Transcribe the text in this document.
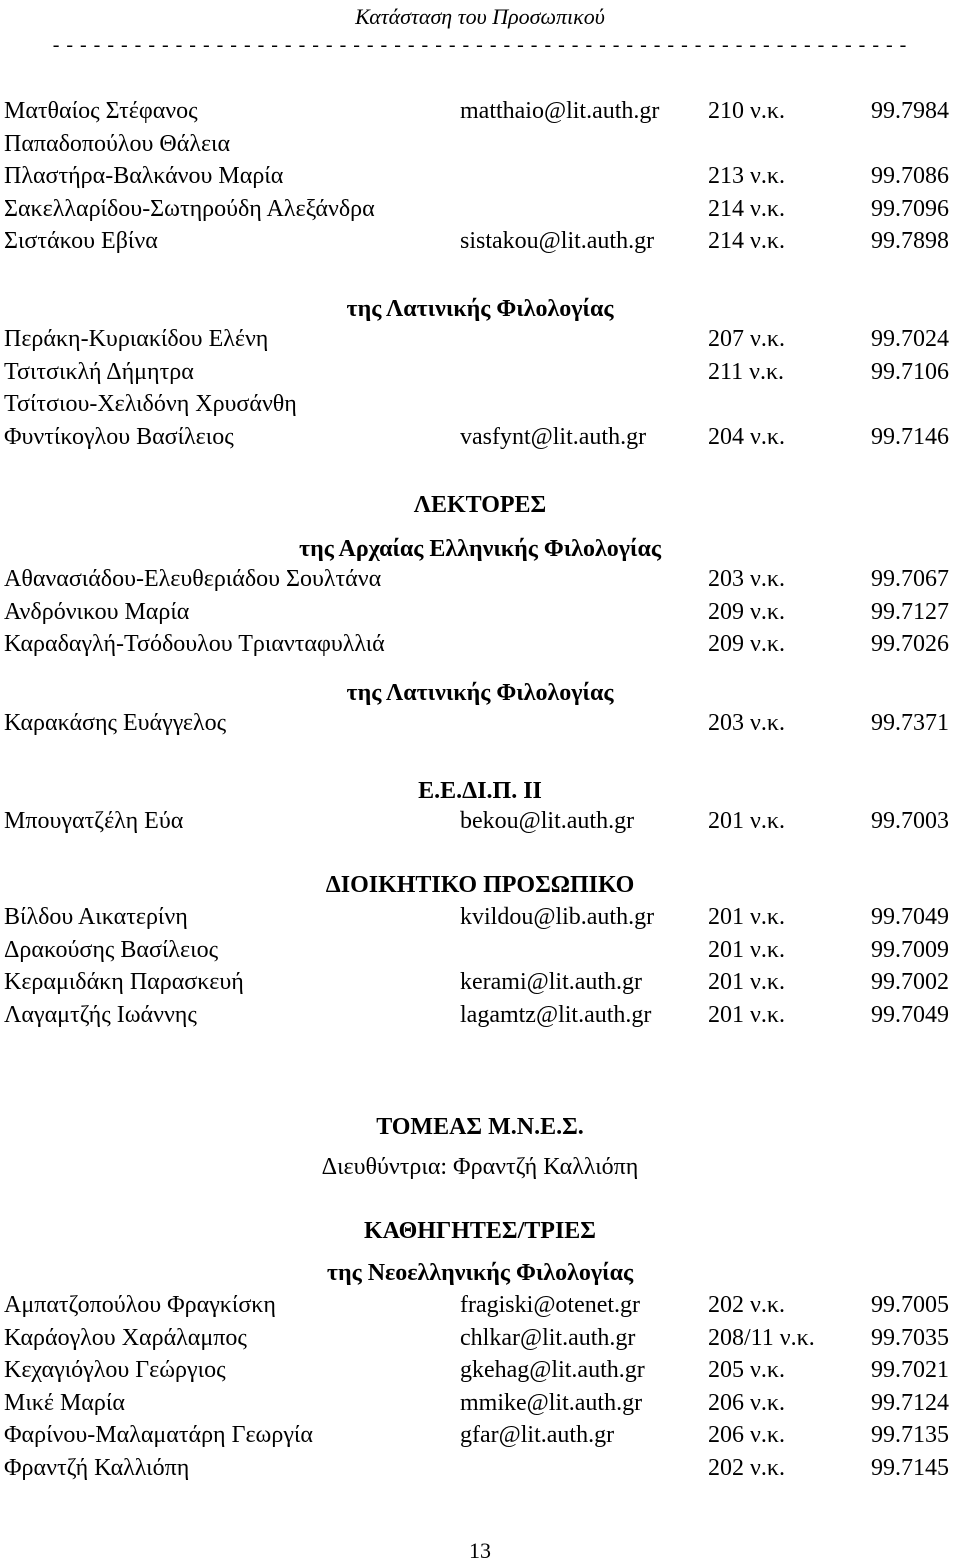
Κατάσταση του Προσωπικού
- - - - - - - - - - - - - - - - - - - - - - - - - - - - - - - - - - - - - - - - - - - - - - - - - - - - - - - - - - - - - - -
της Λατινικής Φιλολογίας
ΛΕΚΤΟΡΕΣ
της Αρχαίας Ελληνικής Φιλολογίας
της Λατινικής Φιλολογίας
Ε.Ε.ΔΙ.Π. ΙΙ
ΔΙΟΙΚΗΤΙΚΟ ΠΡΟΣΩΠΙΚΟ
ΤΟΜΕΑΣ Μ.Ν.Ε.Σ.
Διευθύντρια: Φραντζή Καλλιόπη
ΚΑΘΗΓΗΤΕΣ/ΤΡΙΕΣ
της Νεοελληνικής Φιλολογίας
13
Ματθαίος Στέφανος	matthaio@lit.auth.gr 210 ν.κ.	99.7984
Παπαδοπούλου Θάλεια
Πλαστήρα-Βαλκάνου Μαρία	213 ν.κ.	99.7086
Σακελλαρίδου-Σωτηρούδη Αλεξάνδρα	214 ν.κ.	99.7096
Σιστάκου Εβίνα	sistakou@lit.auth.gr 214 ν.κ.	99.7898
Περάκη-Κυριακίδου Ελένη	207 ν.κ.	99.7024
Τσιτσικλή Δήμητρα	211 ν.κ.	99.7106
Τσίτσιου-Χελιδόνη Χρυσάνθη
Φυντίκογλου Βασίλειος	vasfynt@lit.auth.gr	204 ν.κ.	99.7146
Αθανασιάδου-Ελευθεριάδου Σουλτάνα	203 ν.κ.	99.7067
Ανδρόνικου Μαρία	209 ν.κ.	99.7127
Καραδαγλή-Τσόδουλου Τριανταφυλλιά	209 ν.κ.	99.7026
Καρακάσης Ευάγγελος	203 ν.κ.	99.7371
Μπουγατζέλη Εύα	bekou@lit.auth.gr	201 ν.κ.	99.7003
Βίλδου Αικατερίνη	kvildou@lib.auth.gr 201 ν.κ.	99.7049
Δρακούσης Βασίλειος	201 ν.κ.	99.7009
Κεραμιδάκη Παρασκευή	kerami@lit.auth.gr	201 ν.κ.	99.7002
Λαγαμτζής Ιωάννης	lagamtz@lit.auth.gr 201 ν.κ.	99.7049
Αμπατζοπούλου Φραγκίσκη	fragiski@otenet.gr	202 ν.κ.	99.7005
Καράογλου Χαράλαμπος	chlkar@lit.auth.gr	208/11 ν.κ. 99.7035
Κεχαγιόγλου Γεώργιος	gkehag@lit.auth.gr	205 ν.κ.	99.7021
Μικέ Μαρία	mmike@lit.auth.gr	206 ν.κ.	99.7124
Φαρίνου-Μαλαματάρη Γεωργία	gfar@lit.auth.gr	206 ν.κ.	99.7135
Φραντζή Καλλιόπη	202 ν.κ.	99.7145
